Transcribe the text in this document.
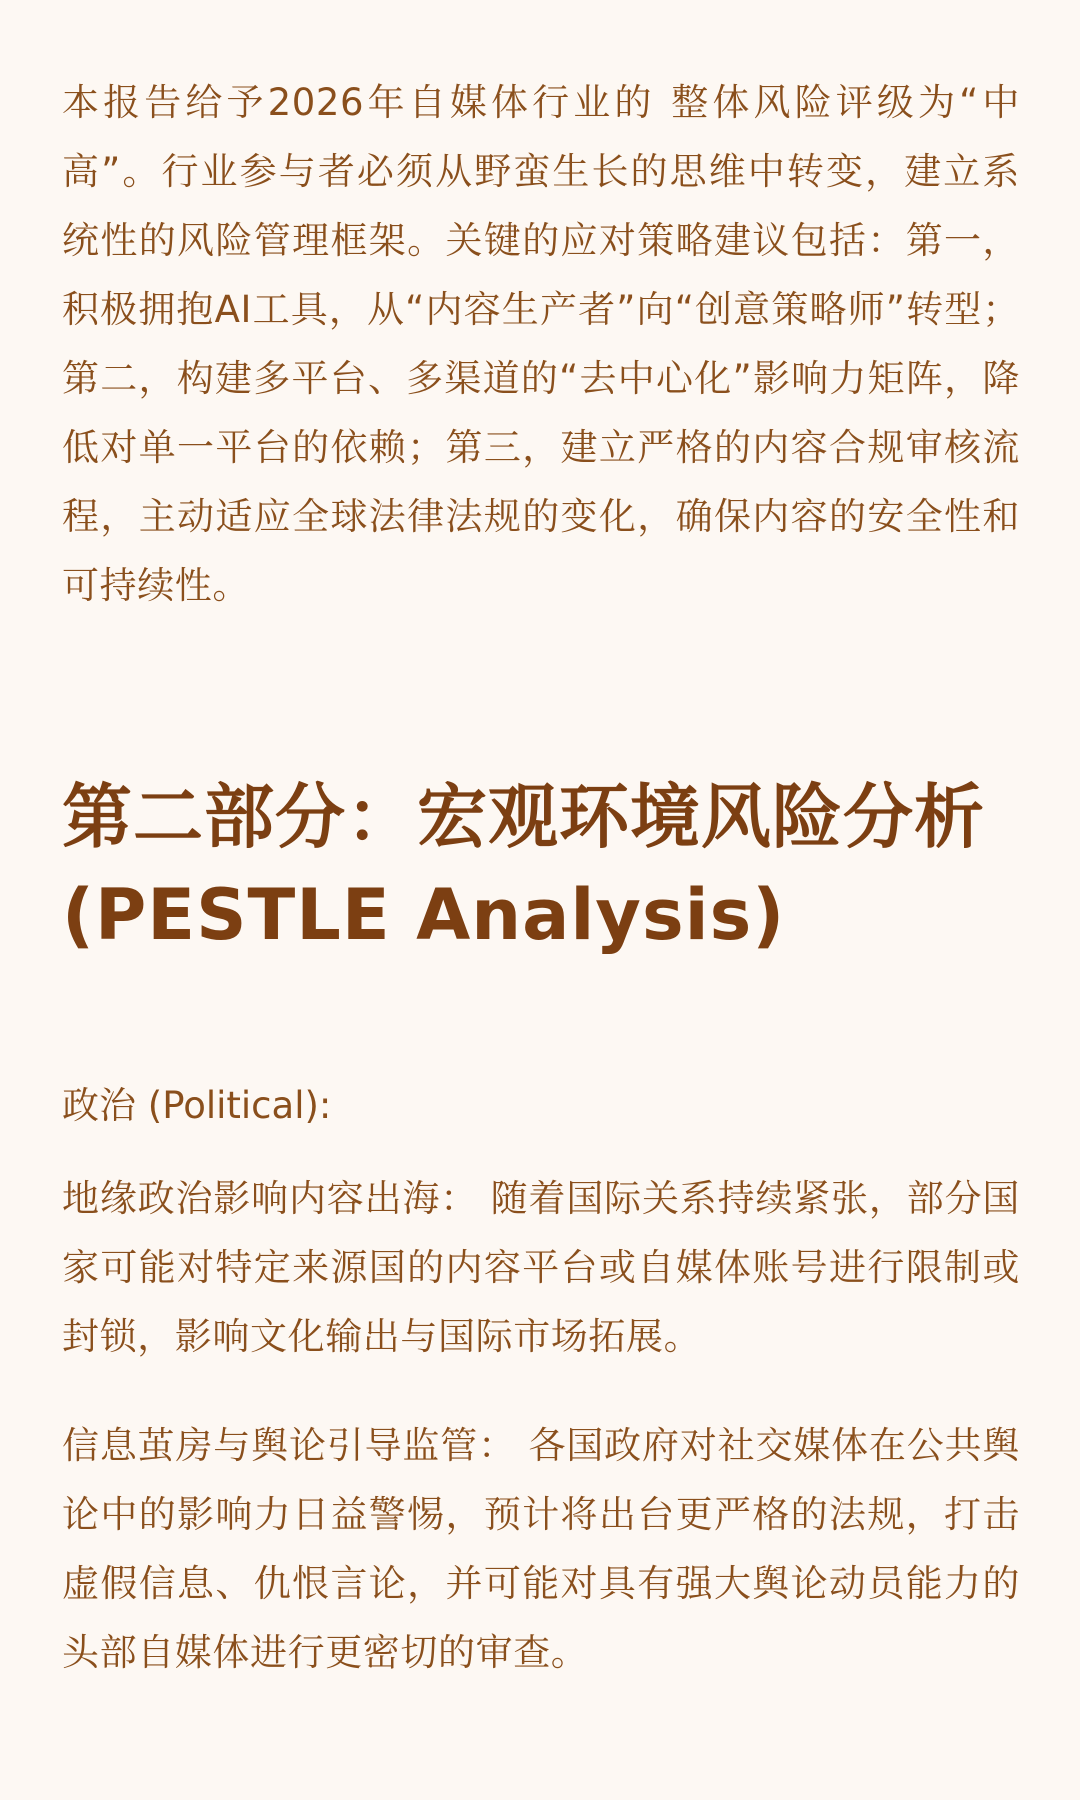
本报告给予2026年自媒体行业的 整体风险评级为“中高”。行业参与者必须从野蛮生长的思维中转变，建立系统性的风险管理框架。关键的应对策略建议包括：第一，积极拥抱AI工具，从“内容生产者”向“创意策略师”转型；第二，构建多平台、多渠道的“去中心化”影响力矩阵，降低对单一平台的依赖；第三，建立严格的内容合规审核流程，主动适应全球法律法规的变化，确保内容的安全性和可持续性。

第二部分：宏观环境风险分析 (PESTLE Analysis)

政治 (Political):

地缘政治影响内容出海： 随着国际关系持续紧张，部分国家可能对特定来源国的内容平台或自媒体账号进行限制或封锁，影响文化输出与国际市场拓展。

信息茧房与舆论引导监管： 各国政府对社交媒体在公共舆论中的影响力日益警惕，预计将出台更严格的法规，打击虚假信息、仇恨言论，并可能对具有强大舆论动员能力的头部自媒体进行更密切的审查。
